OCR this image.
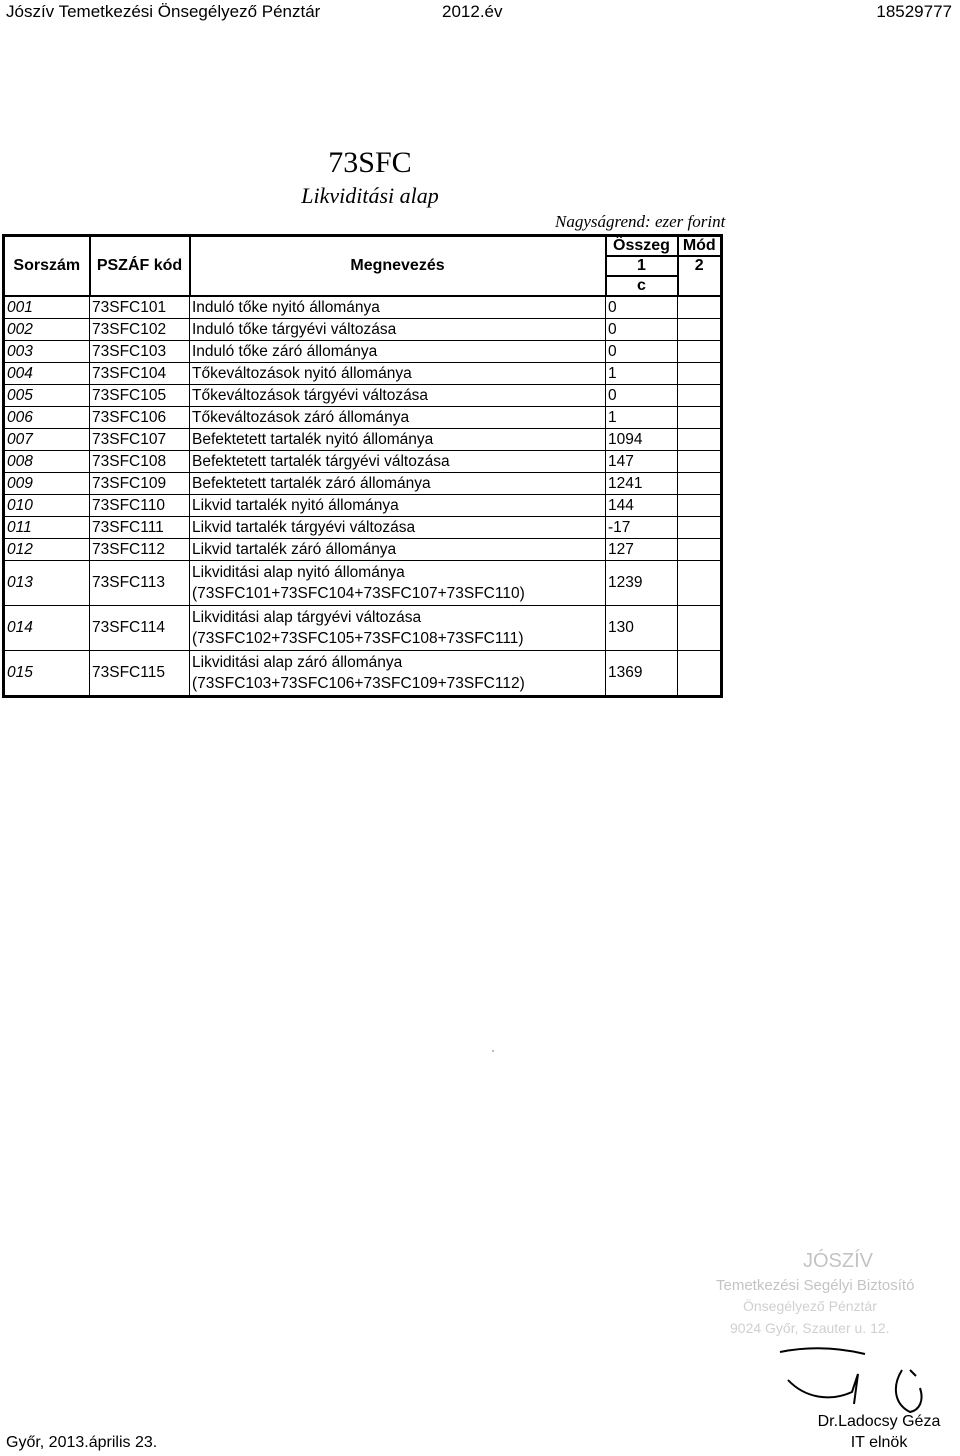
Jószív Temetkezési Önsegélyező Pénztár	2012.év	18529777
73SFC
Likviditási alap
Nagyságrend: ezer forint
Sorszám	PSZÁF kód	Megnevezés	Összeg	Mód
			1	2
			c	
001	73SFC101	Induló tőke nyitó állománya	0	
002	73SFC102	Induló tőke tárgyévi változása	0	
003	73SFC103	Induló tőke záró állománya	0	
004	73SFC104	Tőkeváltozások nyitó állománya	1	
005	73SFC105	Tőkeváltozások tárgyévi változása	0	
006	73SFC106	Tőkeváltozások záró állománya	1	
007	73SFC107	Befektetett tartalék nyitó állománya	1094	
008	73SFC108	Befektetett tartalék tárgyévi változása	147	
009	73SFC109	Befektetett tartalék záró állománya	1241	
010	73SFC110	Likvid tartalék nyitó állománya	144	
011	73SFC111	Likvid tartalék tárgyévi változása	-17	
012	73SFC112	Likvid tartalék záró állománya	127	
013	73SFC113	Likviditási alap nyitó állománya
(73SFC101+73SFC104+73SFC107+73SFC110)	1239	
014	73SFC114	Likviditási alap tárgyévi változása
(73SFC102+73SFC105+73SFC108+73SFC111)	130	
015	73SFC115	Likviditási alap záró állománya
(73SFC103+73SFC106+73SFC109+73SFC112)	1369	
JÓSZÍV
Temetkezési Segélyi Biztosító
Önsegélyező Pénztár
9024 Győr, Szauter u. 12.
Győr, 2013.április 23.
Dr.Ladocsy Géza
IT elnök
